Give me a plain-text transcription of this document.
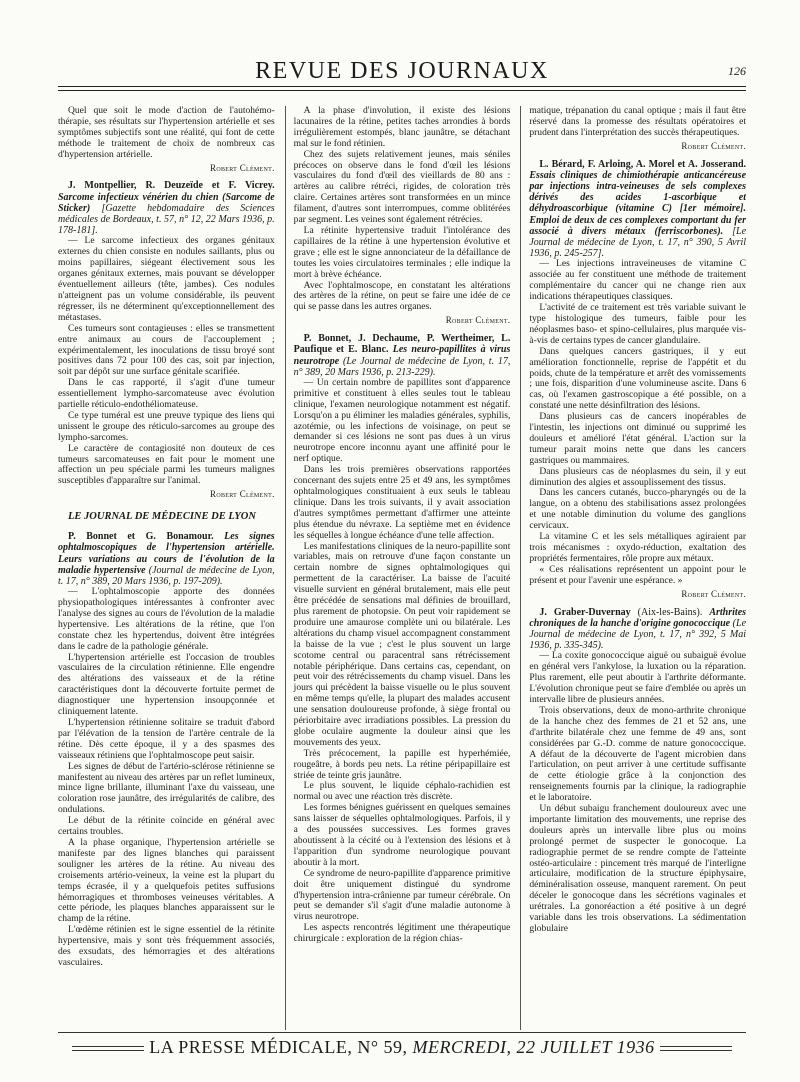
REVUE DES JOURNAUX	126

Quel que soit le mode d'action de l'autohémo-thérapie, ses résultats sur l'hypertension artérielle et ses symptômes subjectifs sont une réalité, qui font de cette méthode le traitement de choix de nombreux cas d'hypertension artérielle.

Robert Clément.
J. Montpellier, R. Deuzeïde et F. Vicrey. Sarcome infectieux vénérien du chien (Sarcome de Sticker) [Gazette hebdomadaire des Sciences médicales de Bordeaux, t. 57, n° 12, 22 Mars 1936, p. 178-181].

— Le sarcome infectieux des organes génitaux externes du chien consiste en nodules saillants, plus ou moins papillaires, siégeant électivement sous les organes génitaux externes, mais pouvant se développer éventuellement ailleurs (tête, jambes). Ces nodules n'atteignent pas un volume considérable, ils peuvent régresser, ils ne déterminent qu'exceptionnellement des métastases.

Ces tumeurs sont contagieuses : elles se transmettent entre animaux au cours de l'accouplement ; expérimentalement, les inoculations de tissu broyé sont positives dans 72 pour 100 des cas, soit par injection, soit par dépôt sur une surface génitale scarifiée.

Dans le cas rapporté, il s'agit d'une tumeur essentiellement lympho-sarcomateuse avec évolution partielle réticulo-endothéliomateuse.

Ce type tuméral est une preuve typique des liens qui unissent le groupe des réticulo-sarcomes au groupe des lympho-sarcomes.

Le caractère de contagiosité non douteux de ces tumeurs sarcomateuses en fait pour le moment une affection un peu spéciale parmi les tumeurs malignes susceptibles d'apparaître sur l'animal.

Robert Clément.
LE JOURNAL DE MÉDECINE DE LYON
P. Bonnet et G. Bonamour. Les signes ophtalmoscopiques de l'hypertension artérielle. Leurs variations au cours de l'évolution de la maladie hypertensive (Journal de médecine de Lyon, t. 17, n° 389, 20 Mars 1936, p. 197-209).

— L'ophtalmoscopie apporte des données physiopathologiques intéressantes à confronter avec l'analyse des signes au cours de l'évolution de la maladie hypertensive. Les altérations de la rétine, que l'on constate chez les hypertendus, doivent être intégrées dans le cadre de la pathologie générale.

L'hypertension artérielle est l'occasion de troubles vasculaires de la circulation rétinienne. Elle engendre des altérations des vaisseaux et de la rétine caractéristiques dont la découverte fortuite permet de diagnostiquer une hypertension insoupçonnée et cliniquement latente.

L'hypertension rétinienne solitaire se traduit d'abord par l'élévation de la tension de l'artère centrale de la rétine. Dès cette époque, il y a des spasmes des vaisseaux rétiniens que l'ophtalmoscope peut saisir.

Les signes de début de l'artério-sclérose rétinienne se manifestent au niveau des artères par un reflet lumineux, mince ligne brillante, illuminant l'axe du vaisseau, une coloration rose jaunâtre, des irrégularités de calibre, des ondulations.

Le début de la rétinite coïncide en général avec certains troubles.

A la phase organique, l'hypertension artérielle se manifeste par des lignes blanches qui paraissent souligner les artères de la rétine. Au niveau des croisements artério-veineux, la veine est la plupart du temps écrasée, il y a quelquefois petites suffusions hémorragiques et thromboses veineuses véritables. A cette période, les plaques blanches apparaissent sur le champ de la rétine.

L'œdème rétinien est le signe essentiel de la rétinite hypertensive, mais y sont très fréquemment associés, des exsudats, des hémorragies et des altérations vasculaires.

A la phase d'involution, il existe des lésions lacunaires de la rétine, petites taches arrondies à bords irrégulièrement estompés, blanc jaunâtre, se détachant mal sur le fond rétinien.

Chez des sujets relativement jeunes, mais séniles précoces on observe dans le fond d'œil les lésions vasculaires du fond d'œil des vieillards de 80 ans : artères au calibre rétréci, rigides, de coloration très claire. Certaines artères sont transformées en un mince filament, d'autres sont interrompues, comme oblitérées par segment. Les veines sont également rétrécies.

La rétinite hypertensive traduit l'intolérance des capillaires de la rétine à une hypertension évolutive et grave ; elle est le signe annonciateur de la défaillance de toutes les voies circulatoires terminales ; elle indique la mort à brève échéance.

Avec l'ophtalmoscope, en constatant les altérations des artères de la rétine, on peut se faire une idée de ce qui se passe dans les autres organes.

Robert Clément.
P. Bonnet, J. Dechaume, P. Wertheimer, L. Paufique et E. Blanc. Les neuro-papillites à virus neurotrope (Le Journal de médecine de Lyon, t. 17, n° 389, 20 Mars 1936, p. 213-229).

— Un certain nombre de papillites sont d'apparence primitive et constituent à elles seules tout le tableau clinique, l'examen neurologique notamment est négatif. Lorsqu'on a pu éliminer les maladies générales, syphilis, azotémie, ou les infections de voisinage, on peut se demander si ces lésions ne sont pas dues à un virus neurotrope encore inconnu ayant une affinité pour le nerf optique.

Dans les trois premières observations rapportées concernant des sujets entre 25 et 49 ans, les symptômes ophtalmologiques constituaient à eux seuls le tableau clinique. Dans les trois suivants, il y avait association d'autres symptômes permettant d'affirmer une atteinte plus étendue du névraxe. La septième met en évidence les séquelles à longue échéance d'une telle affection.

Les manifestations cliniques de la neuro-papillite sont variables, mais on retrouve d'une façon constante un certain nombre de signes ophtalmologiques qui permettent de la caractériser. La baisse de l'acuité visuelle survient en général brutalement, mais elle peut être précédée de sensations mal définies de brouillard, plus rarement de photopsie. On peut voir rapidement se produire une amaurose complète uni ou bilatérale. Les altérations du champ visuel accompagnent constamment la baisse de la vue ; c'est le plus souvent un large scotome central ou paracentral sans rétrécissement notable périphérique. Dans certains cas, cependant, on peut voir des rétrécissements du champ visuel. Dans les jours qui précèdent la baisse visuelle ou le plus souvent en même temps qu'elle, la plupart des malades accusent une sensation douloureuse profonde, à siège frontal ou périorbitaire avec irradiations possibles. La pression du globe oculaire augmente la douleur ainsi que les mouvements des yeux.

Très précocement, la papille est hyperhémiée, rougeâtre, à bords peu nets. La rétine péripapillaire est striée de teinte gris jaunâtre.

Le plus souvent, le liquide céphalo-rachidien est normal ou avec une réaction très discrète.

Les formes bénignes guérissent en quelques semaines sans laisser de séquelles ophtalmologiques. Parfois, il y a des poussées successives. Les formes graves aboutissent à la cécité ou à l'extension des lésions et à l'apparition d'un syndrome neurologique pouvant aboutir à la mort.

Ce syndrome de neuro-papillite d'apparence primitive doit être uniquement distingué du syndrome d'hypertension intra-crânienne par tumeur cérébrale. On peut se demander s'il s'agit d'une maladie autonome à virus neurotrope.

Les aspects rencontrés légitiment une thérapeutique chirurgicale : exploration de la région chias-

matique, trépanation du canal optique ; mais il faut être réservé dans la promesse des résultats opératoires et prudent dans l'interprétation des succès thérapeutiques.

Robert Clément.
L. Bérard, F. Arloing, A. Morel et A. Josserand. Essais cliniques de chimiothérapie anticancéreuse par injections intra-veineuses de sels complexes dérivés des acides 1-ascorbique et déhydroascorbique (vitamine C) [1er mémoire]. Emploi de deux de ces complexes comportant du fer associé à divers métaux (ferriscorbones). [Le Journal de médecine de Lyon, t. 17, n° 390, 5 Avril 1936, p. 245-257].

— Les injections intraveineuses de vitamine C associée au fer constituent une méthode de traitement complémentaire du cancer qui ne change rien aux indications thérapeutiques classiques.

L'activité de ce traitement est très variable suivant le type histologique des tumeurs, faible pour les néoplasmes baso- et spino-cellulaires, plus marquée vis-à-vis de certains types de cancer glandulaire.

Dans quelques cancers gastriques, il y eut amélioration fonctionnelle, reprise de l'appétit et du poids, chute de la température et arrêt des vomissements ; une fois, disparition d'une volumineuse ascite. Dans 6 cas, où l'examen gastroscopique a été possible, on a constaté une nette désinfiltration des lésions.

Dans plusieurs cas de cancers inopérables de l'intestin, les injections ont diminué ou supprimé les douleurs et amélioré l'état général. L'action sur la tumeur parait moins nette que dans les cancers gastriques ou mammaires.

Dans plusieurs cas de néoplasmes du sein, il y eut diminution des algies et assouplissement des tissus.

Dans les cancers cutanés, bucco-pharyngés ou de la langue, on a obtenu des stabilisations assez prolongées et une notable diminution du volume des ganglions cervicaux.

La vitamine C et les sels métalliques agiraient par trois mécanismes : oxydo-réduction, exaltation des propriétés fermentaires, rôle propre aux métaux.

« Ces réalisations représentent un appoint pour le présent et pour l'avenir une espérance. »

Robert Clément.
J. Graber-Duvernay (Aix-les-Bains). Arthrites chroniques de la hanche d'origine gonococcique (Le Journal de médecine de Lyon, t. 17, n° 392, 5 Mai 1936, p. 335-345).

— La coxite gonococcique aiguë ou subaiguë évolue en général vers l'ankylose, la luxation ou la réparation. Plus rarement, elle peut aboutir à l'arthrite déformante. L'évolution chronique peut se faire d'emblée ou après un intervalle libre de plusieurs années.

Trois observations, deux de mono-arthrite chronique de la hanche chez des femmes de 21 et 52 ans, une d'arthrite bilatérale chez une femme de 49 ans, sont considérées par G.-D. comme de nature gonococcique. A défaut de la découverte de l'agent microbien dans l'articulation, on peut arriver à une certitude suffisante de cette étiologie grâce à la conjonction des renseignements fournis par la clinique, la radiographie et le laboratoire.

Un début subaigu franchement douloureux avec une importante limitation des mouvements, une reprise des douleurs après un intervalle libre plus ou moins prolongé permet de suspecter le gonocoque. La radiographie permet de se rendre compte de l'atteinte ostéo-articulaire : pincement très marqué de l'interligne articulaire, modification de la structure épiphysaire, déminéralisation osseuse, manquent rarement. On peut déceler le gonocoque dans les sécrétions vaginales et urétrales. La gonoréaction a été positive à un degré variable dans les trois observations. La sédimentation globulaire

LA PRESSE MÉDICALE, N° 59, MERCREDI, 22 JUILLET 1936
